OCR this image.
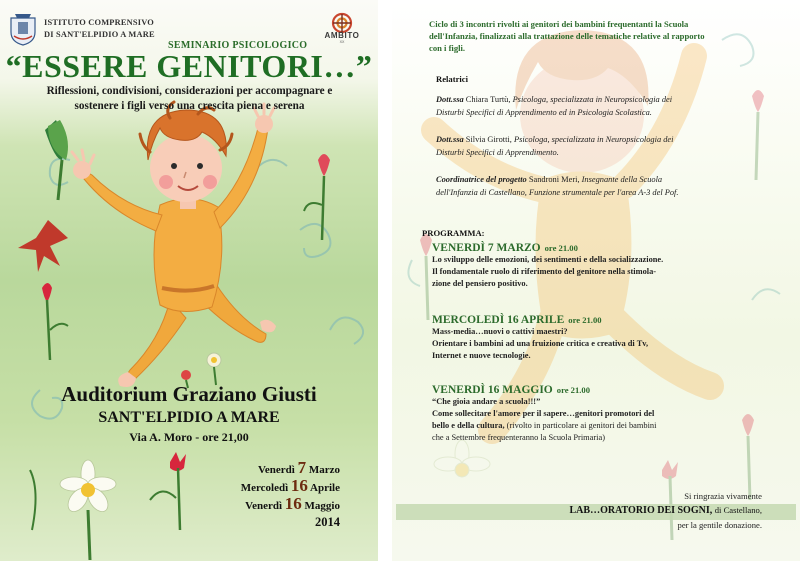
ISTITUTO COMPRENSIVO
DI SANT'ELPIDIO A MARE	AMBITO
XX
SEMINARIO PSICOLOGICO
“ESSERE GENITORI…”
Riflessioni, condivisioni, considerazioni per accompagnare e
sostenere i figli verso una crescita piena e serena
Auditorium Graziano Giusti
SANT'ELPIDIO A MARE
Via A. Moro - ore 21,00
Venerdì 7 Marzo
Mercoledì 16 Aprile
Venerdì 16 Maggio
2014
Ciclo di 3 incontri rivolti ai genitori dei bambini frequentanti la Scuola
dell'Infanzia, finalizzati alla trattazione delle tematiche relative al rapporto
con i figli.
Relatrici
Dott.ssa Chiara Turtù, Psicologa, specializzata in Neuropsicologia dei
Disturbi Specifici di Apprendimento ed in Psicologia Scolastica.
Dott.ssa Silvia Girotti, Psicologa, specializzata in Neuropsicologia dei
Disturbi Specifici di Apprendimento.
Coordinatrice del progetto Sandroni Meri, Insegnante della Scuola
dell'Infanzia di Castellano, Funzione strumentale per l'area A-3 del Pof.
PROGRAMMA:
VENERDÌ 7 MARZO ore 21.00
Lo sviluppo delle emozioni, dei sentimenti e della socializzazione.
Il fondamentale ruolo di riferimento del genitore nella stimola-
zione del pensiero positivo.
MERCOLEDÌ 16 APRILE ore 21.00
Mass-media…nuovi o cattivi maestri?
Orientare i bambini ad una fruizione critica e creativa di Tv,
Internet e nuove tecnologie.
VENERDÌ 16 MAGGIO ore 21.00
“Che gioia andare a scuola!!!”
Come sollecitare l'amore per il sapere…genitori promotori del
bello e della cultura, (rivolto in particolare ai genitori dei bambini
che a Settembre frequenteranno la Scuola Primaria)
Si ringrazia vivamente
LAB…ORATORIO DEI SOGNI, di Castellano,
per la gentile donazione.
